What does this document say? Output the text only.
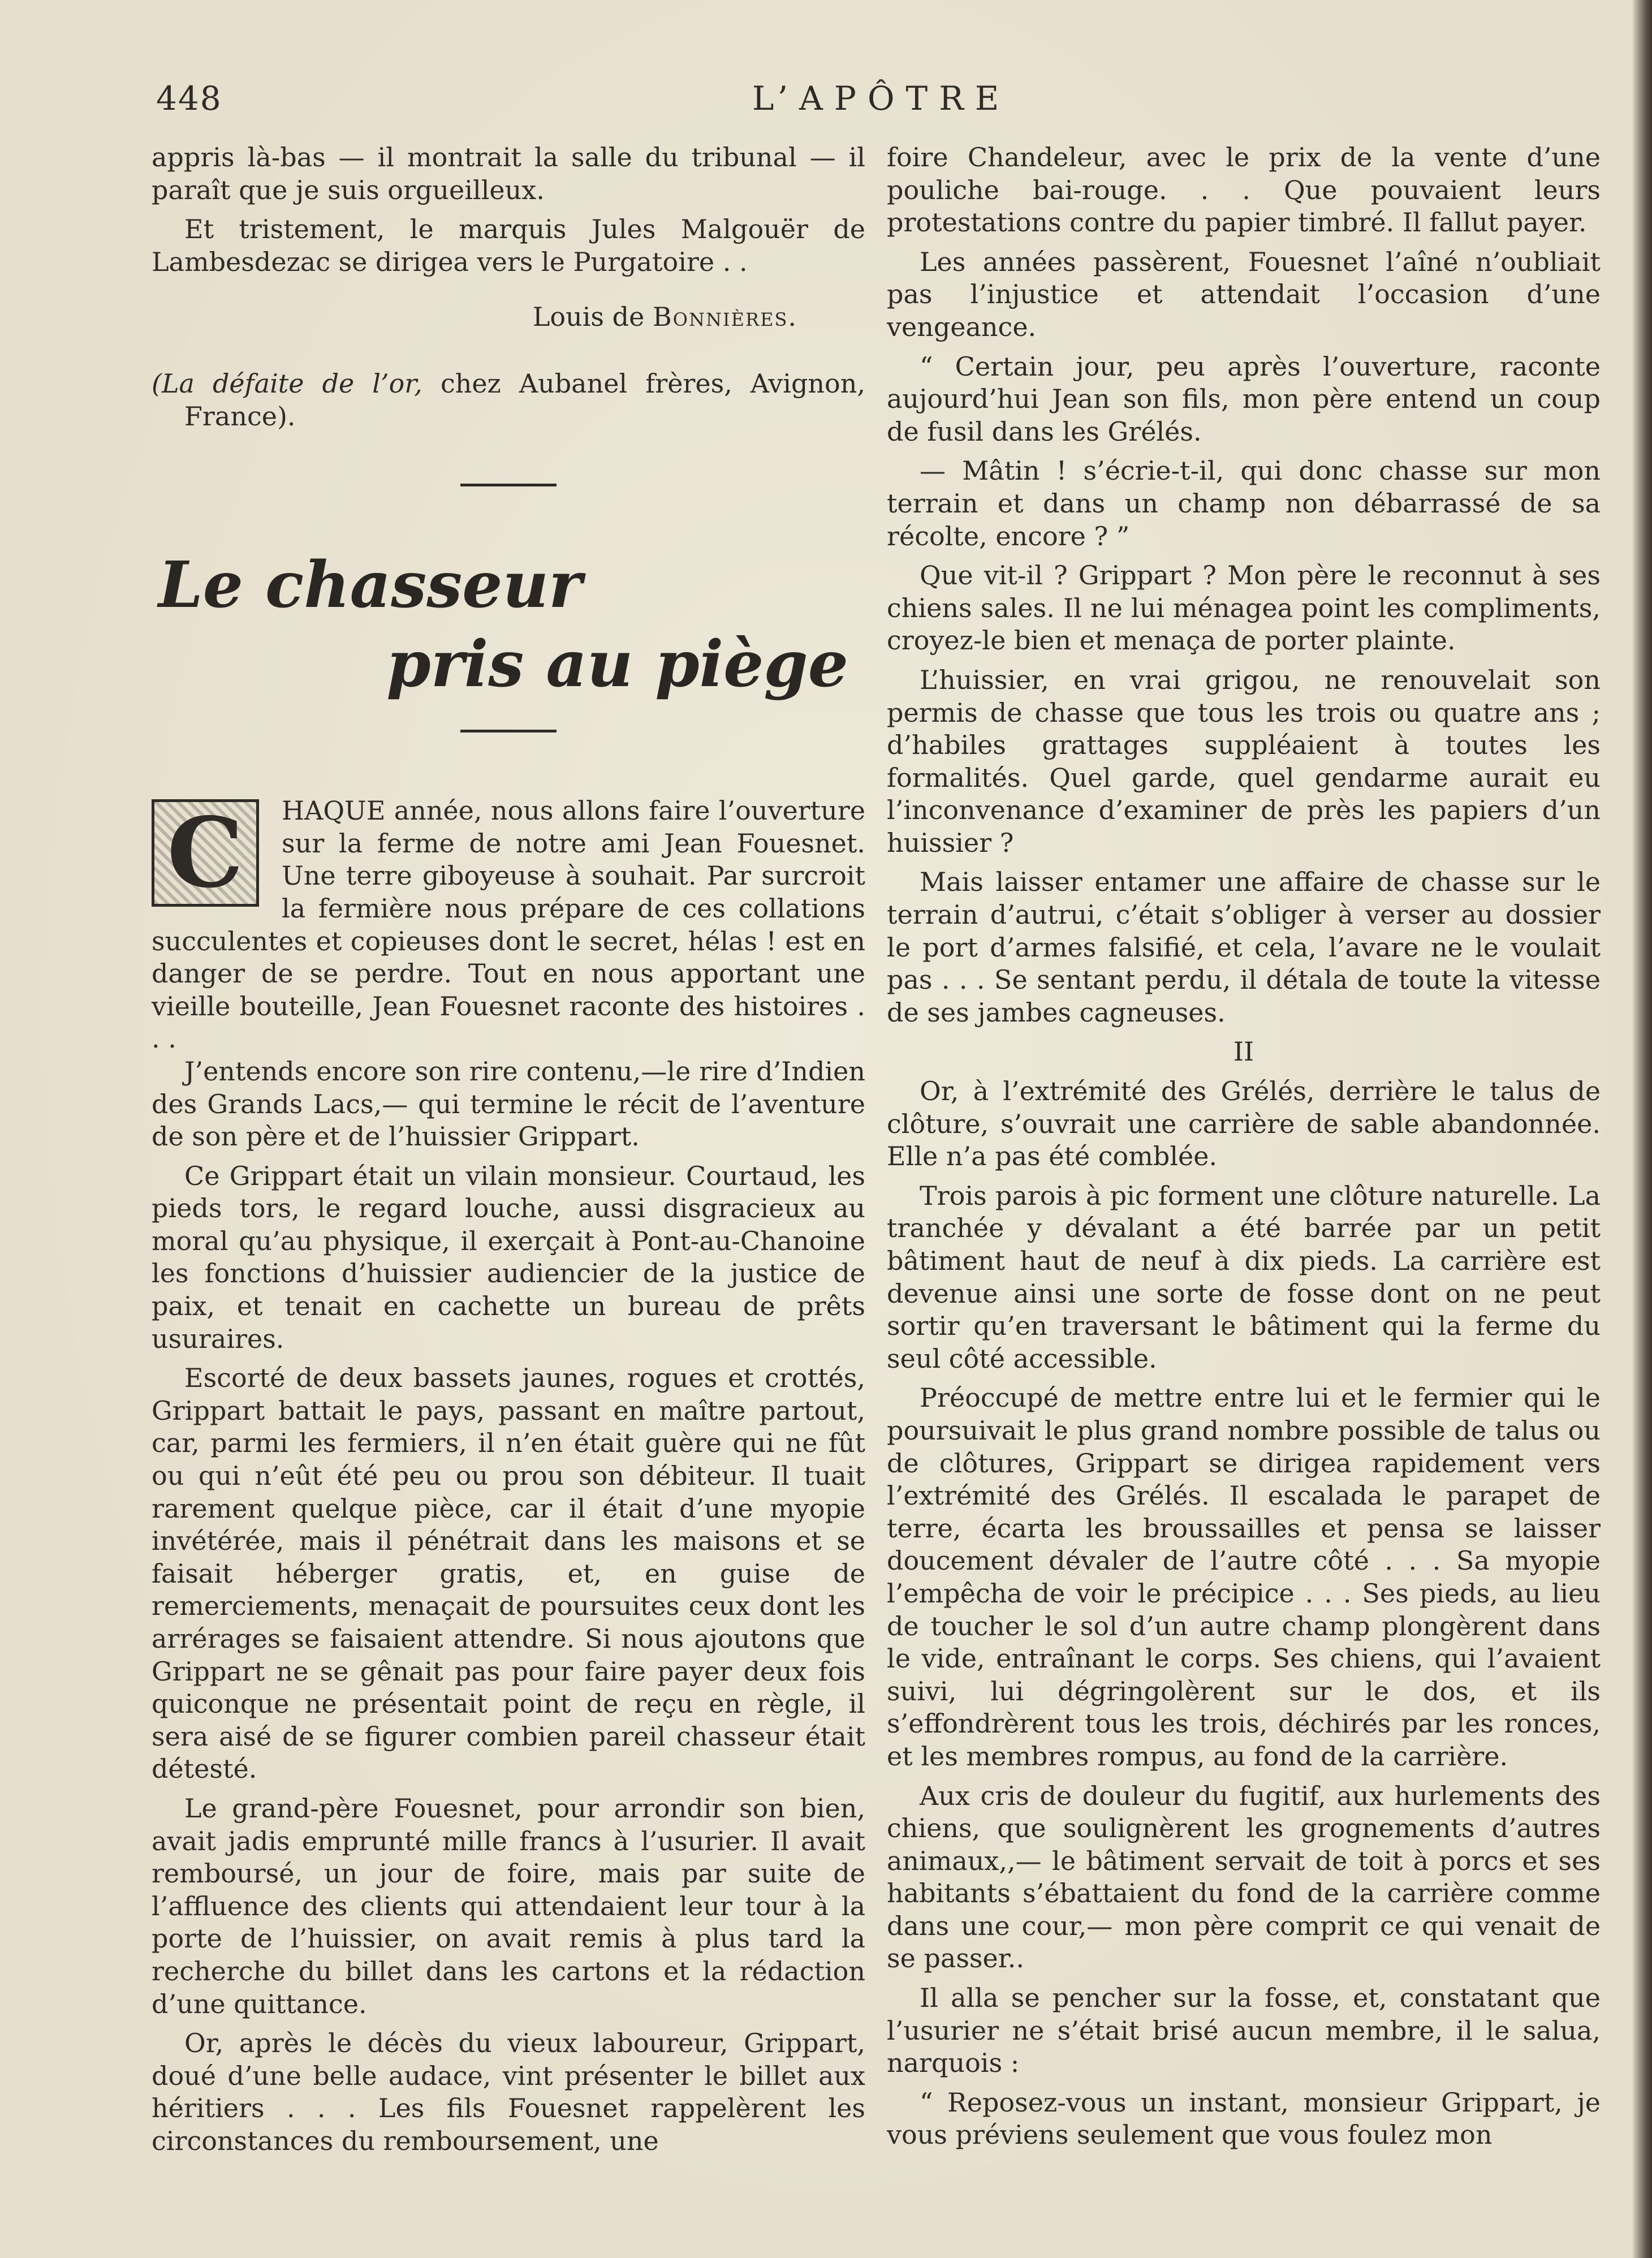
448	L’APÔTRE

appris là-bas — il montrait la salle du tribunal — il paraît que je suis orgueilleux.

Et tristement, le marquis Jules Malgouër de Lambesdezac se dirigea vers le Purgatoire . .

Louis de Bonnières.

(La défaite de l’or, chez Aubanel frères, Avignon, France).

Le chasseur
pris au piège
C	HAQUE année, nous allons faire l’ouverture sur la ferme de notre ami Jean Fouesnet. Une terre giboyeuse à souhait. Par surcroit la fermière nous prépare de ces collations succulentes et copieuses dont le secret, hélas ! est en danger de se perdre. Tout en nous apportant une vieille bouteille, Jean Fouesnet raconte des histoires . . .

J’entends encore son rire contenu,—le rire d’Indien des Grands Lacs,— qui termine le récit de l’aventure de son père et de l’huissier Grippart.

Ce Grippart était un vilain monsieur. Courtaud, les pieds tors, le regard louche, aussi disgracieux au moral qu’au physique, il exerçait à Pont-au-Chanoine les fonctions d’huissier audiencier de la justice de paix, et tenait en cachette un bureau de prêts usuraires.

Escorté de deux bassets jaunes, rogues et crottés, Grippart battait le pays, passant en maître partout, car, parmi les fermiers, il n’en était guère qui ne fût ou qui n’eût été peu ou prou son débiteur. Il tuait rarement quelque pièce, car il était d’une myopie invétérée, mais il pénétrait dans les maisons et se faisait héberger gratis, et, en guise de remerciements, menaçait de poursuites ceux dont les arrérages se faisaient attendre. Si nous ajoutons que Grippart ne se gênait pas pour faire payer deux fois quiconque ne présentait point de reçu en règle, il sera aisé de se figurer combien pareil chasseur était détesté.

Le grand-père Fouesnet, pour arrondir son bien, avait jadis emprunté mille francs à l’usurier. Il avait remboursé, un jour de foire, mais par suite de l’affluence des clients qui attendaient leur tour à la porte de l’huissier, on avait remis à plus tard la recherche du billet dans les cartons et la rédaction d’une quittance.

Or, après le décès du vieux laboureur, Grippart, doué d’une belle audace, vint présenter le billet aux héritiers . . . Les fils Fouesnet rappelèrent les circonstances du remboursement, une

foire Chandeleur, avec le prix de la vente d’une pouliche bai-rouge. . . Que pouvaient leurs protestations contre du papier timbré. Il fallut payer.

Les années passèrent, Fouesnet l’aîné n’oubliait pas l’injustice et attendait l’occasion d’une vengeance.

“ Certain jour, peu après l’ouverture, raconte aujourd’hui Jean son fils, mon père entend un coup de fusil dans les Grélés.

— Mâtin ! s’écrie-t-il, qui donc chasse sur mon terrain et dans un champ non débarrassé de sa récolte, encore ? ”

Que vit-il ? Grippart ? Mon père le reconnut à ses chiens sales. Il ne lui ménagea point les compliments, croyez-le bien et menaça de porter plainte.

L’huissier, en vrai grigou, ne renouvelait son permis de chasse que tous les trois ou quatre ans ; d’habiles grattages suppléaient à toutes les formalités. Quel garde, quel gendarme aurait eu l’inconvenance d’examiner de près les papiers d’un huissier ?

Mais laisser entamer une affaire de chasse sur le terrain d’autrui, c’était s’obliger à verser au dossier le port d’armes falsifié, et cela, l’avare ne le voulait pas . . . Se sentant perdu, il détala de toute la vitesse de ses jambes cagneuses.

II

Or, à l’extrémité des Grélés, derrière le talus de clôture, s’ouvrait une carrière de sable abandonnée. Elle n’a pas été comblée.

Trois parois à pic forment une clôture naturelle. La tranchée y dévalant a été barrée par un petit bâtiment haut de neuf à dix pieds. La carrière est devenue ainsi une sorte de fosse dont on ne peut sortir qu’en traversant le bâtiment qui la ferme du seul côté accessible.

Préoccupé de mettre entre lui et le fermier qui le poursuivait le plus grand nombre possible de talus ou de clôtures, Grippart se dirigea rapidement vers l’extrémité des Grélés. Il escalada le parapet de terre, écarta les broussailles et pensa se laisser doucement dévaler de l’autre côté . . . Sa myopie l’empêcha de voir le précipice . . . Ses pieds, au lieu de toucher le sol d’un autre champ plongèrent dans le vide, entraînant le corps. Ses chiens, qui l’avaient suivi, lui dégringolèrent sur le dos, et ils s’effondrèrent tous les trois, déchirés par les ronces, et les membres rompus, au fond de la carrière.

Aux cris de douleur du fugitif, aux hurlements des chiens, que soulignèrent les grognements d’autres animaux,,— le bâtiment servait de toit à porcs et ses habitants s’ébattaient du fond de la carrière comme dans une cour,— mon père comprit ce qui venait de se passer..

Il alla se pencher sur la fosse, et, constatant que l’usurier ne s’était brisé aucun membre, il le salua, narquois :

“ Reposez-vous un instant, monsieur Grippart, je vous préviens seulement que vous foulez mon
